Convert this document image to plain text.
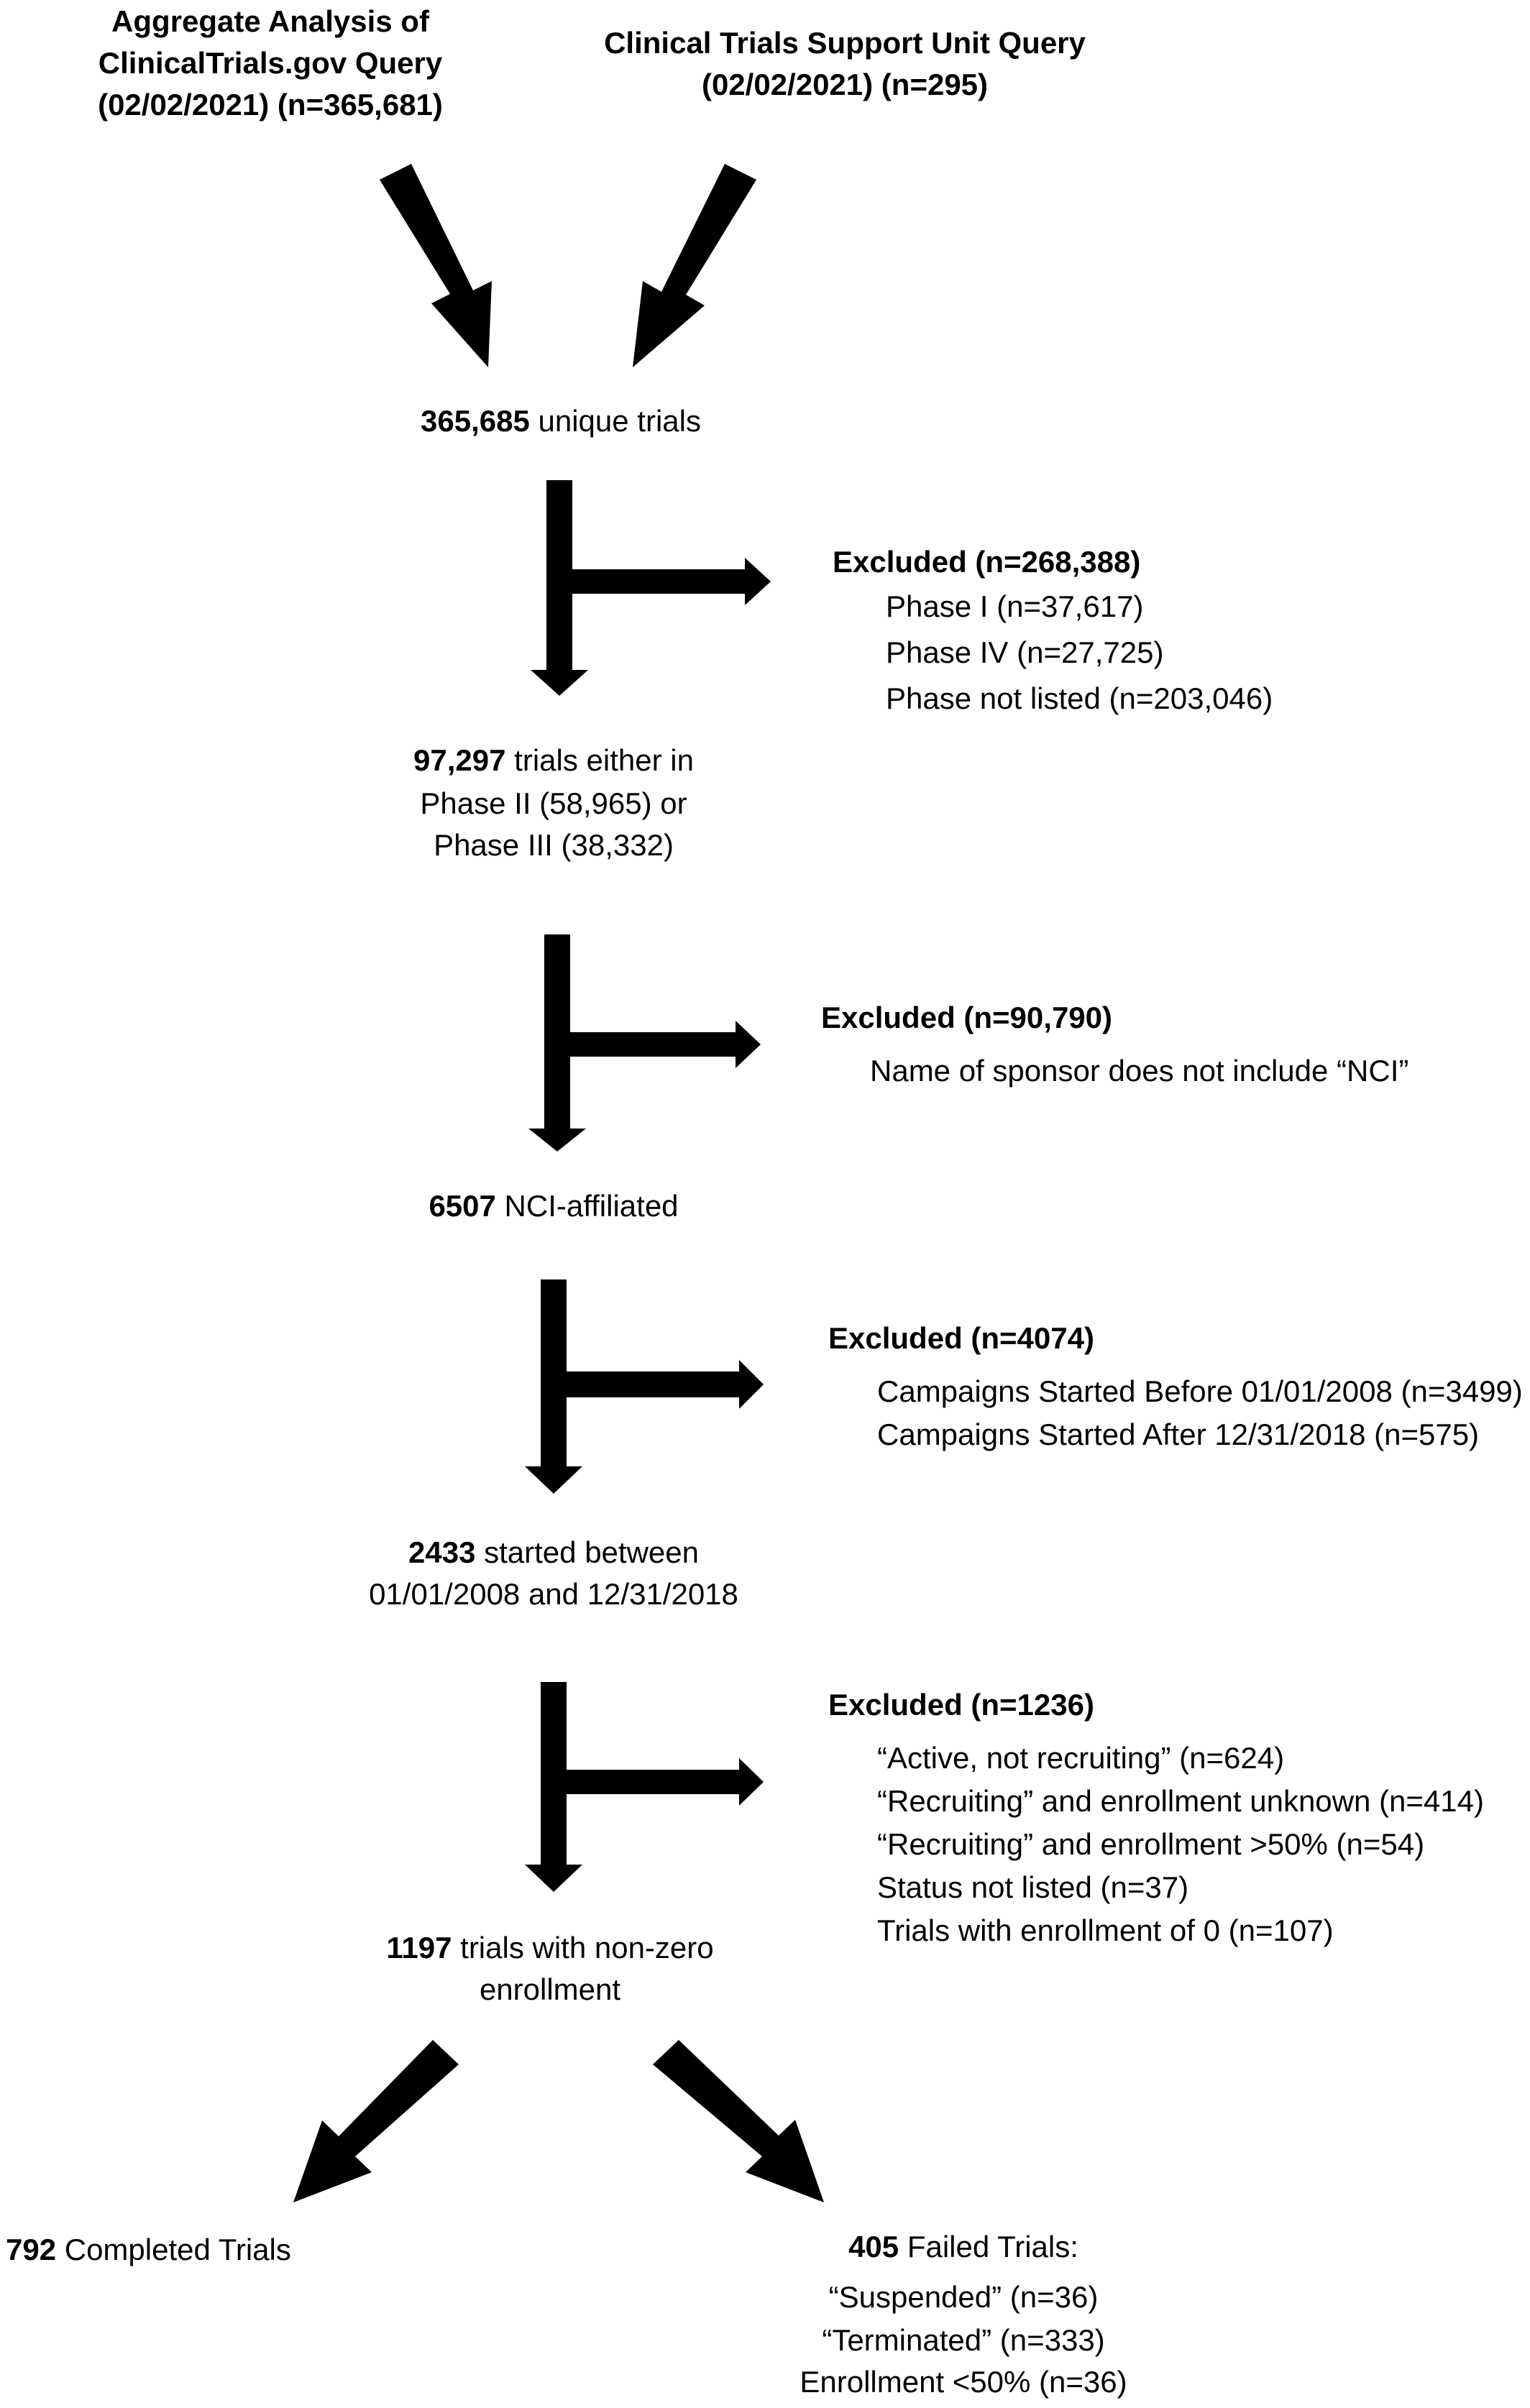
Aggregate Analysis of
ClinicalTrials.gov Query
(02/02/2021) (n=365,681)
Clinical Trials Support Unit Query
(02/02/2021) (n=295)
365,685 unique trials
Excluded (n=268,388)
Phase I (n=37,617)
Phase IV (n=27,725)
Phase not listed (n=203,046)
97,297 trials either in
Phase II (58,965) or
Phase III (38,332)
Excluded (n=90,790)
Name of sponsor does not include “NCI”
6507 NCI-affiliated
Excluded (n=4074)
Campaigns Started Before 01/01/2008 (n=3499)
Campaigns Started After 12/31/2018 (n=575)
2433 started between
01/01/2008 and 12/31/2018
Excluded (n=1236)
“Active, not recruiting” (n=624)
“Recruiting” and enrollment unknown (n=414)
“Recruiting” and enrollment >50% (n=54)
Status not listed (n=37)
Trials with enrollment of 0 (n=107)
1197 trials with non-zero
enrollment
792 Completed Trials	405 Failed Trials:
“Suspended” (n=36)
“Terminated” (n=333)
Enrollment <50% (n=36)
